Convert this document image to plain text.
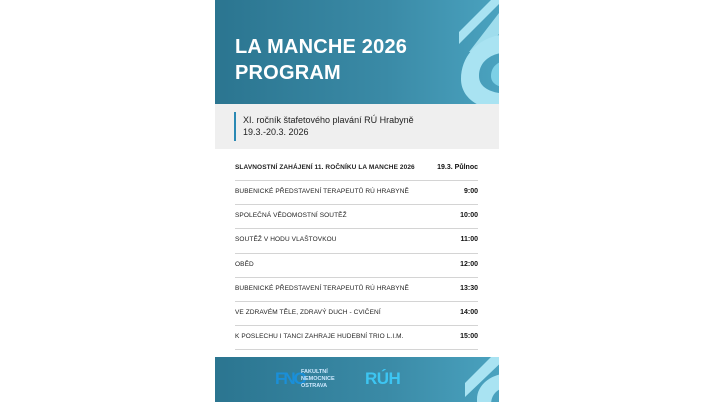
LA MANCHE 2026
PROGRAM
XI. ročník štafetového plavání RÚ Hrabyně
19.3.-20.3. 2026
SLAVNOSTNÍ ZAHÁJENÍ 11. ROČNÍKU LA MANCHE 2026	19.3. Půlnoc
BUBENICKÉ PŘEDSTAVENÍ TERAPEUTŮ RÚ HRABYNĚ	9:00
SPOLEČNÁ VĚDOMOSTNÍ SOUTĚŽ	10:00
SOUTĚŽ V HODU VLAŠTOVKOU	11:00
OBĚD	12:00
BUBENICKÉ PŘEDSTAVENÍ TERAPEUTŮ RÚ HRABYNĚ	13:30
VE ZDRAVÉM TĚLE, ZDRAVÝ DUCH - CVIČENÍ	14:00
K POSLECHU I TANCI ZAHRAJE HUDEBNÍ TRIO L.I.M.	15:00
FNO
FAKULTNÍ
NEMOCNICE
OSTRAVA	RÚH
